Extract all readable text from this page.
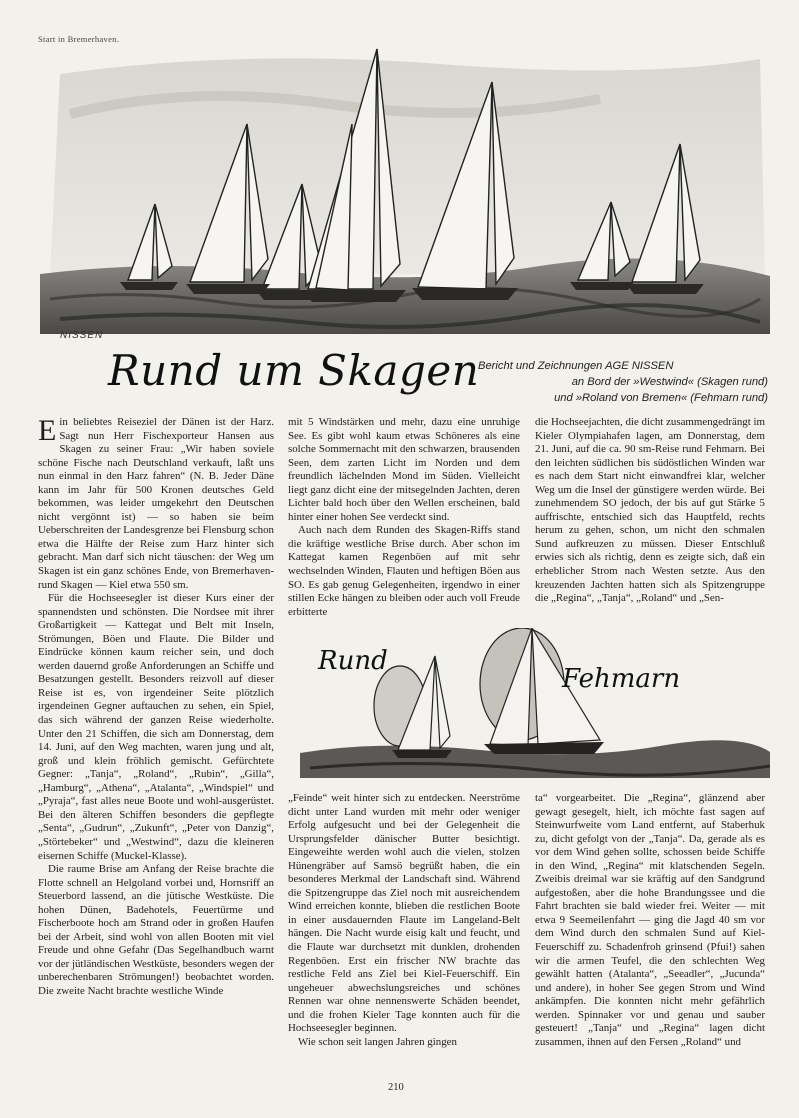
Start in Bremerhaven.
NISSEN
Rund um Skagen
Bericht und Zeichnungen AGE NISSEN
an Bord der »Westwind« (Skagen rund)
und »Roland von Bremen« (Fehmarn rund)

Ein beliebtes Reiseziel der Dänen ist der Harz. Sagt nun Herr Fischexporteur Hansen aus Skagen zu seiner Frau: „Wir haben soviele schöne Fische nach Deutschland verkauft, laßt uns nun einmal in den Harz fahren“ (N. B. Jeder Däne kann im Jahr für 500 Kronen deutsches Geld bekommen, was leider umgekehrt den Deutschen nicht vergönnt ist) — so haben sie beim Ueberschreiten der Landesgrenze bei Flensburg schon etwa die Hälfte der Reise zum Harz hinter sich gebracht. Man darf sich nicht täuschen: der Weg um Skagen ist ein ganz schönes Ende, von Bremerhaven-rund Skagen — Kiel etwa 550 sm.

Für die Hochseesegler ist dieser Kurs einer der spannendsten und schönsten. Die Nordsee mit ihrer Großartigkeit — Kattegat und Belt mit Inseln, Strömungen, Böen und Flaute. Die Bilder und Eindrücke können kaum reicher sein, und doch werden dauernd große Anforderungen an Schiffe und Besatzungen gestellt. Besonders reizvoll auf dieser Reise ist es, von irgendeiner Seite plötzlich irgendeinen Gegner auftauchen zu sehen, ein Spiel, das sich während der ganzen Reise wiederholte. Unter den 21 Schiffen, die sich am Donnerstag, dem 14. Juni, auf den Weg machten, waren jung und alt, groß und klein fröhlich gemischt. Gefürchtete Gegner: „Tanja“, „Roland“, „Rubin“, „Gilla“, „Hamburg“, „Athena“, „Atalanta“, „Windspiel“ und „Pyraja“, fast alles neue Boote und wohl-ausgerüstet. Bei den älteren Schiffen besonders die gepflegte „Senta“, „Gudrun“, „Zukunft“, „Peter von Danzig“, „Störtebeker“ und „Westwind“, dazu die kleineren eisernen Schiffe (Muckel-Klasse).

Die raume Brise am Anfang der Reise brachte die Flotte schnell an Helgoland vorbei und, Hornsriff an Steuerbord lassend, an die jütische Westküste. Die hohen Dünen, Badehotels, Feuertürme und Fischerboote hoch am Strand oder in großen Haufen bei der Arbeit, sind wohl von allen Booten mit viel Freude und ohne Gefahr (Das Segelhandbuch warnt vor der jütländischen Westküste, besonders wegen der unberechenbaren Strömungen!) beobachtet worden. Die zweite Nacht brachte westliche Winde

mit 5 Windstärken und mehr, dazu eine unruhige See. Es gibt wohl kaum etwas Schöneres als eine solche Sommernacht mit den schwarzen, brausenden Seen, dem zarten Licht im Norden und dem freundlich lächelnden Mond im Süden. Vielleicht liegt ganz dicht eine der mitsegelnden Jachten, deren Lichter bald hoch über den Wellen erscheinen, bald hinter einer hohen See verdeckt sind.

Auch nach dem Runden des Skagen-Riffs stand die kräftige westliche Brise durch. Aber schon im Kattegat kamen Regenböen auf mit sehr wechselnden Winden, Flauten und heftigen Böen aus SO. Es gab genug Gelegenheiten, irgendwo in einer stillen Ecke hängen zu bleiben oder auch voll Freude erbitterte

die Hochseejachten, die dicht zusammengedrängt im Kieler Olympiahafen lagen, am Donnerstag, dem 21. Juni, auf die ca. 90 sm-Reise rund Fehmarn. Bei den leichten südlichen bis südöstlichen Winden war es nach dem Start nicht einwandfrei klar, welcher Weg um die Insel der günstigere werden würde. Bei zunehmendem SO jedoch, der bis auf gut Stärke 5 auffrischte, entschied sich das Hauptfeld, rechts herum zu gehen, schon, um nicht den schmalen Sund aufkreuzen zu müssen. Dieser Entschluß erwies sich als richtig, denn es zeigte sich, daß ein erheblicher Strom nach Westen setzte. Aus den kreuzenden Jachten hatten sich als Spitzengruppe die „Regina“, „Tanja“, „Roland“ und „Sen-

Rund
Fehmarn

„Feinde“ weit hinter sich zu entdecken. Neerströme dicht unter Land wurden mit mehr oder weniger Erfolg aufgesucht und bei der Gelegenheit die Ursprungsfelder dänischer Butter besichtigt. Eingeweihte werden wohl auch die vielen, stolzen Hünengräber auf Samsö begrüßt haben, die ein besonderes Merkmal der Landschaft sind. Während die Spitzengruppe das Ziel noch mit ausreichendem Wind erreichen konnte, blieben die restlichen Boote in einer ausdauernden Flaute im Langeland-Belt hängen. Die Nacht wurde eisig kalt und feucht, und die Flaute war durchsetzt mit dunklen, drohenden Regenböen. Erst ein frischer NW brachte das restliche Feld ans Ziel bei Kiel-Feuerschiff. Ein ungeheuer abwechslungsreiches und schönes Rennen war ohne nennenswerte Schäden beendet, und die frohen Kieler Tage konnten auch für die Hochseesegler beginnen.

Wie schon seit langen Jahren gingen

ta“ vorgearbeitet. Die „Regina“, glänzend aber gewagt gesegelt, hielt, ich möchte fast sagen auf Steinwurfweite vom Land entfernt, auf Staberhuk zu, dicht gefolgt von der „Tanja“. Da, gerade als es vor dem Wind gehen sollte, schossen beide Schiffe in den Wind, „Regina“ mit klatschenden Segeln. Zweibis dreimal war sie kräftig auf den Sandgrund aufgestoßen, aber die hohe Brandungssee und die Fahrt brachten sie bald wieder frei. Weiter — mit etwa 9 Seemeilenfahrt — ging die Jagd 40 sm vor dem Wind durch den schmalen Sund auf Kiel-Feuerschiff zu. Schadenfroh grinsend (Pfui!) sahen wir die armen Teufel, die den schlechten Weg gewählt hatten (Atalanta“, „Seeadler“, „Jucunda“ und andere), in hoher See gegen Strom und Wind ankämpfen. Die konnten nicht mehr gefährlich werden. Spinnaker vor und genau und sauber gesteuert! „Tanja“ und „Regina“ lagen dicht zusammen, ihnen auf den Fersen „Roland“ und

210
